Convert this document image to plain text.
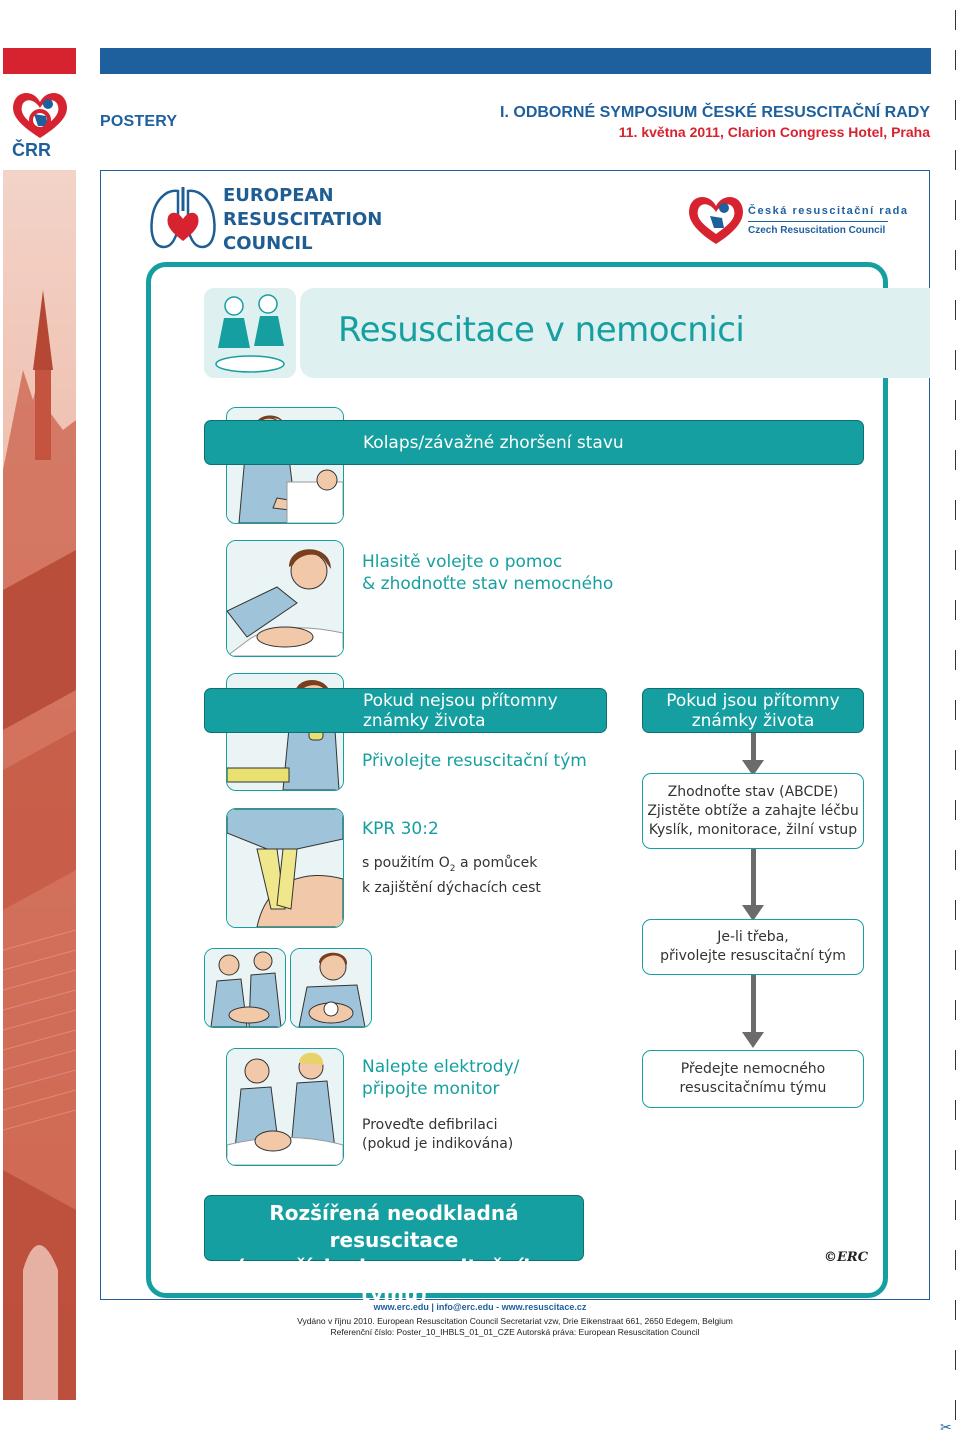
ČRR
POSTERY
I. ODBORNÉ SYMPOSIUM ČESKÉ RESUSCITAČNÍ RADY
11. května 2011, Clarion Congress Hotel, Praha
EUROPEAN
RESUSCITATION
COUNCIL
Česká resuscitační rada
Czech Resuscitation Council
Resuscitace v nemocnici
Kolaps/závažné zhoršení stavu
Hlasitě volejte o pomoc
& zhodnoťte stav nemocného
Pokud nejsou přítomny
známky života
Pokud jsou přítomny
známky života
Přivolejte resuscitační tým
Zhodnoťte stav (ABCDE)
Zjistěte obtíže a zahajte léčbu
Kyslík, monitorace, žilní vstup
KPR 30:2
s použitím $O_2$ a pomůcek
k zajištění dýchacích cest
Je-li třeba,
přivolejte resuscitační tým
Nalepte elektrody/
připojte monitor
Předejte nemocného
resuscitačnímu týmu
Proveďte defibrilaci
(pokud je indikována)
Rozšířená neodkladná resuscitace
(po příchodu resuscitačního týmu)
©ERC
www.erc.edu | info@erc.edu - www.resuscitace.cz
Vydáno v říjnu 2010. European Resuscitation Council Secretariat vzw, Drie Eikenstraat 661, 2650 Edegem, Belgium
Referenční číslo: Poster_10_IHBLS_01_01_CZE Autorská práva: European Resuscitation Council
✂
